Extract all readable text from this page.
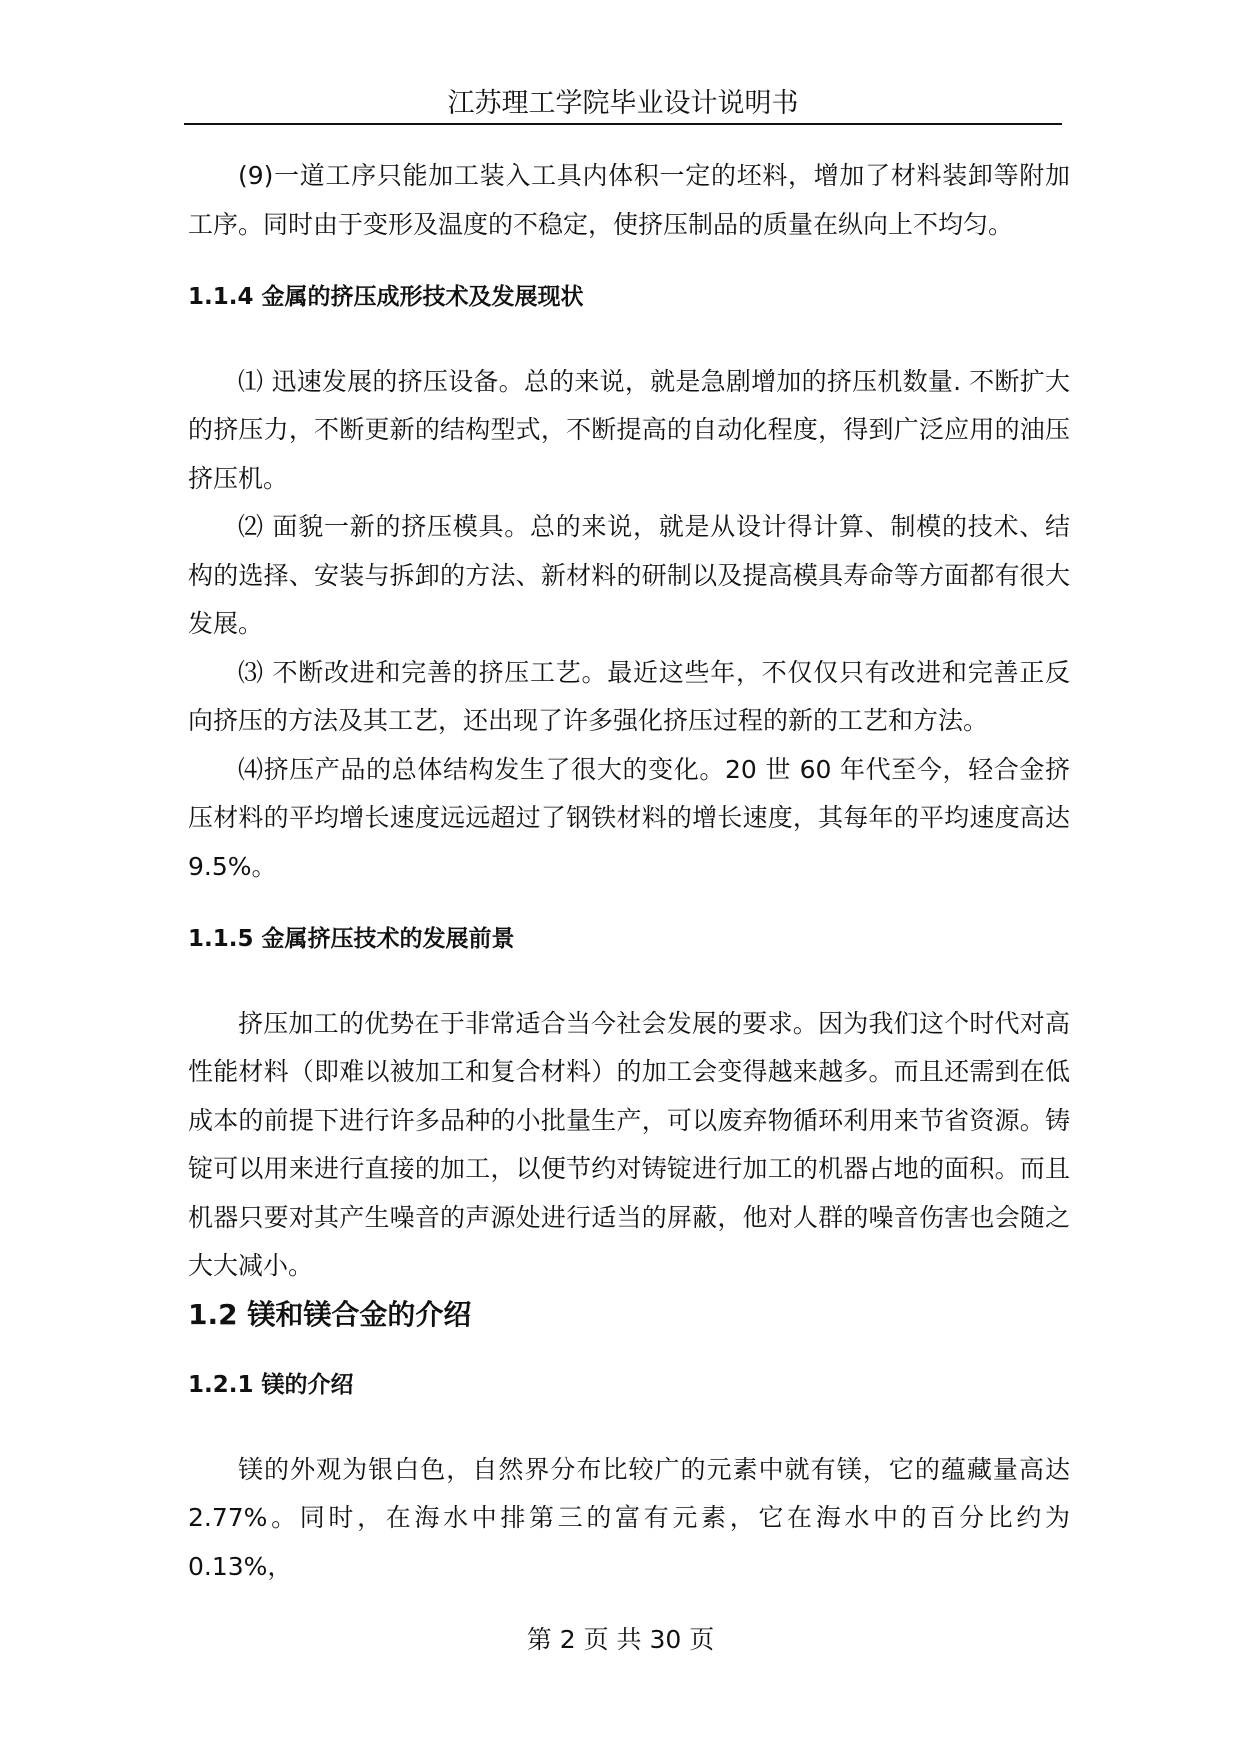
江苏理工学院毕业设计说明书

(9)一道工序只能加工装入工具内体积一定的坯料，增加了材料装卸等附加工序。同时由于变形及温度的不稳定，使挤压制品的质量在纵向上不均匀。

1.1.4 金属的挤压成形技术及发展现状

⑴ 迅速发展的挤压设备。总的来说，就是急剧增加的挤压机数量. 不断扩大的挤压力，不断更新的结构型式，不断提高的自动化程度，得到广泛应用的油压挤压机。

⑵ 面貌一新的挤压模具。总的来说，就是从设计得计算、制模的技术、结构的选择、安装与拆卸的方法、新材料的研制以及提高模具寿命等方面都有很大发展。

⑶ 不断改进和完善的挤压工艺。最近这些年，不仅仅只有改进和完善正反向挤压的方法及其工艺，还出现了许多强化挤压过程的新的工艺和方法。

⑷挤压产品的总体结构发生了很大的变化。20 世 60 年代至今，轻合金挤压材料的平均增长速度远远超过了钢铁材料的增长速度，其每年的平均速度高达 9.5%。

1.1.5 金属挤压技术的发展前景

挤压加工的优势在于非常适合当今社会发展的要求。因为我们这个时代对高性能材料（即难以被加工和复合材料）的加工会变得越来越多。而且还需到在低成本的前提下进行许多品种的小批量生产，可以废弃物循环利用来节省资源。铸锭可以用来进行直接的加工，以便节约对铸锭进行加工的机器占地的面积。而且机器只要对其产生噪音的声源处进行适当的屏蔽，他对人群的噪音伤害也会随之大大减小。

1.2 镁和镁合金的介绍
1.2.1 镁的介绍

镁的外观为银白色，自然界分布比较广的元素中就有镁，它的蕴藏量高达 2.77%。同时，在海水中排第三的富有元素，它在海水中的百分比约为 0.13%，

第 2 页 共 30 页
